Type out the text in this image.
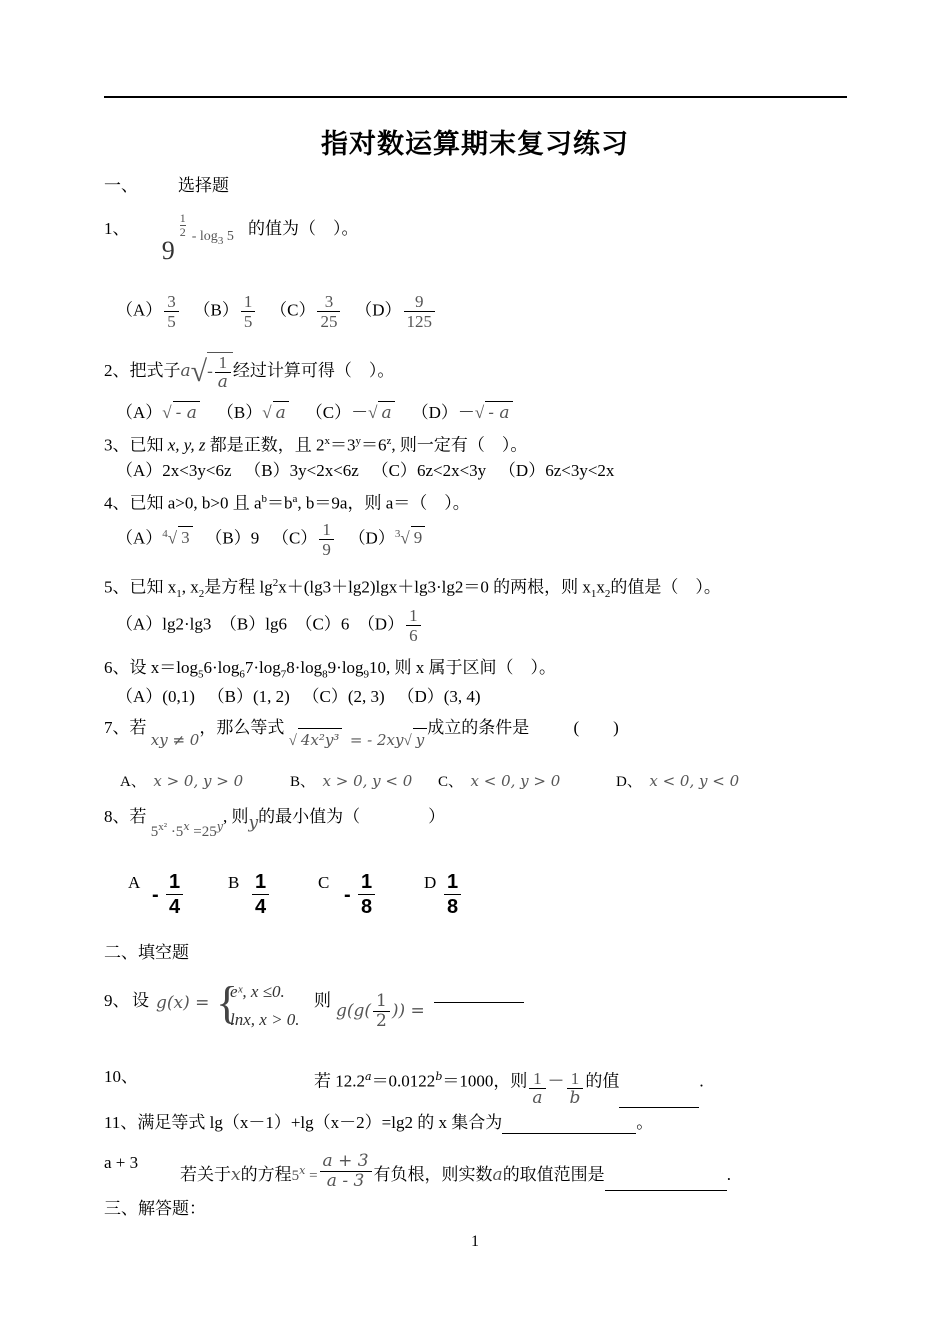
指对数运算期末复习练习
一、 选择题
1、
9
1
$2 - \log_3 5$ 的值为（　）。
$(A) \frac{3}{5} (B) \frac{1}{5} (C) \frac{3}{25} (D) \frac{9}{125}$
2、把式子$a√- \frac{1}{a}$ 经过计算可得（　）。
（A）√ - a （B）√ a （C）－√ a （D）－√ - a
3、已知 x, y, z 都是正数，且 $2^x=3^y=6^z$, 则一定有（　）。
（A）2x<3y<6z （B）3y<2x<6z （C）6z<2x<3y （D）6z<3y<2x
4、已知 a>0, b>0 且 $a^b=b^a$, b＝9a，则 a＝（　）。
$(A)^4√$ 3 （B）9 $(C) \frac{1}{9} (D)^3√$ 9
5、已知 $x_1$, $x_2$是方程 $\lg^2x+(\lg 3+\lg 2)\lg x+\lg 3\cdot\lg 2=0$ 的两根，则 $x_1x_2$的值是（　）。
（A）lg2·lg3 （B）lg6 （C）6 $(D) \frac{1}{6}$
6、设 $x=\log_56\cdot\log_67\cdot\log_78\cdot\log_89\cdot\log_910$, 则 x 属于区间（　）。
（A）(0,1) （B）(1, 2) （C）(2, 3) （D）(3, 4)
7、若 xy ≠ 0，那么等式 √ 4x²y³ = - 2xy√ y成立的条件是	(　　)
A、 x > 0, y > 0	B、 x > 0, y < 0 C、 x < 0, y > 0	D、 x < 0, y < 0
8、若 $5^{x^2} \cdot 5^x =25^y$, 则y的最小值为（　　　　）
A
- $\frac{1}{4}$	B $\frac{1}{4}$	C
- $\frac{1}{8}$	D $\frac{1}{8}$
二、填空题
9、 设 g(x) = {
eˣ, x ≤0.
lnx, x > 0.
则
$g(g( \frac{1}{2}$ )) =
10、	若 12.2$^a$＝0.0122$^b$＝1000，则 $\frac{1}{a} - \frac{1}{b}$ 的值	.
11、满足等式 lg（x－1）+lg（x－2）=lg2 的 x 集合为	。
a + 3
若关于x的方程$5^x = \frac{a + 3}{a - 3}$ 有负根，则实数a的取值范围是	.
三、解答题：
1
